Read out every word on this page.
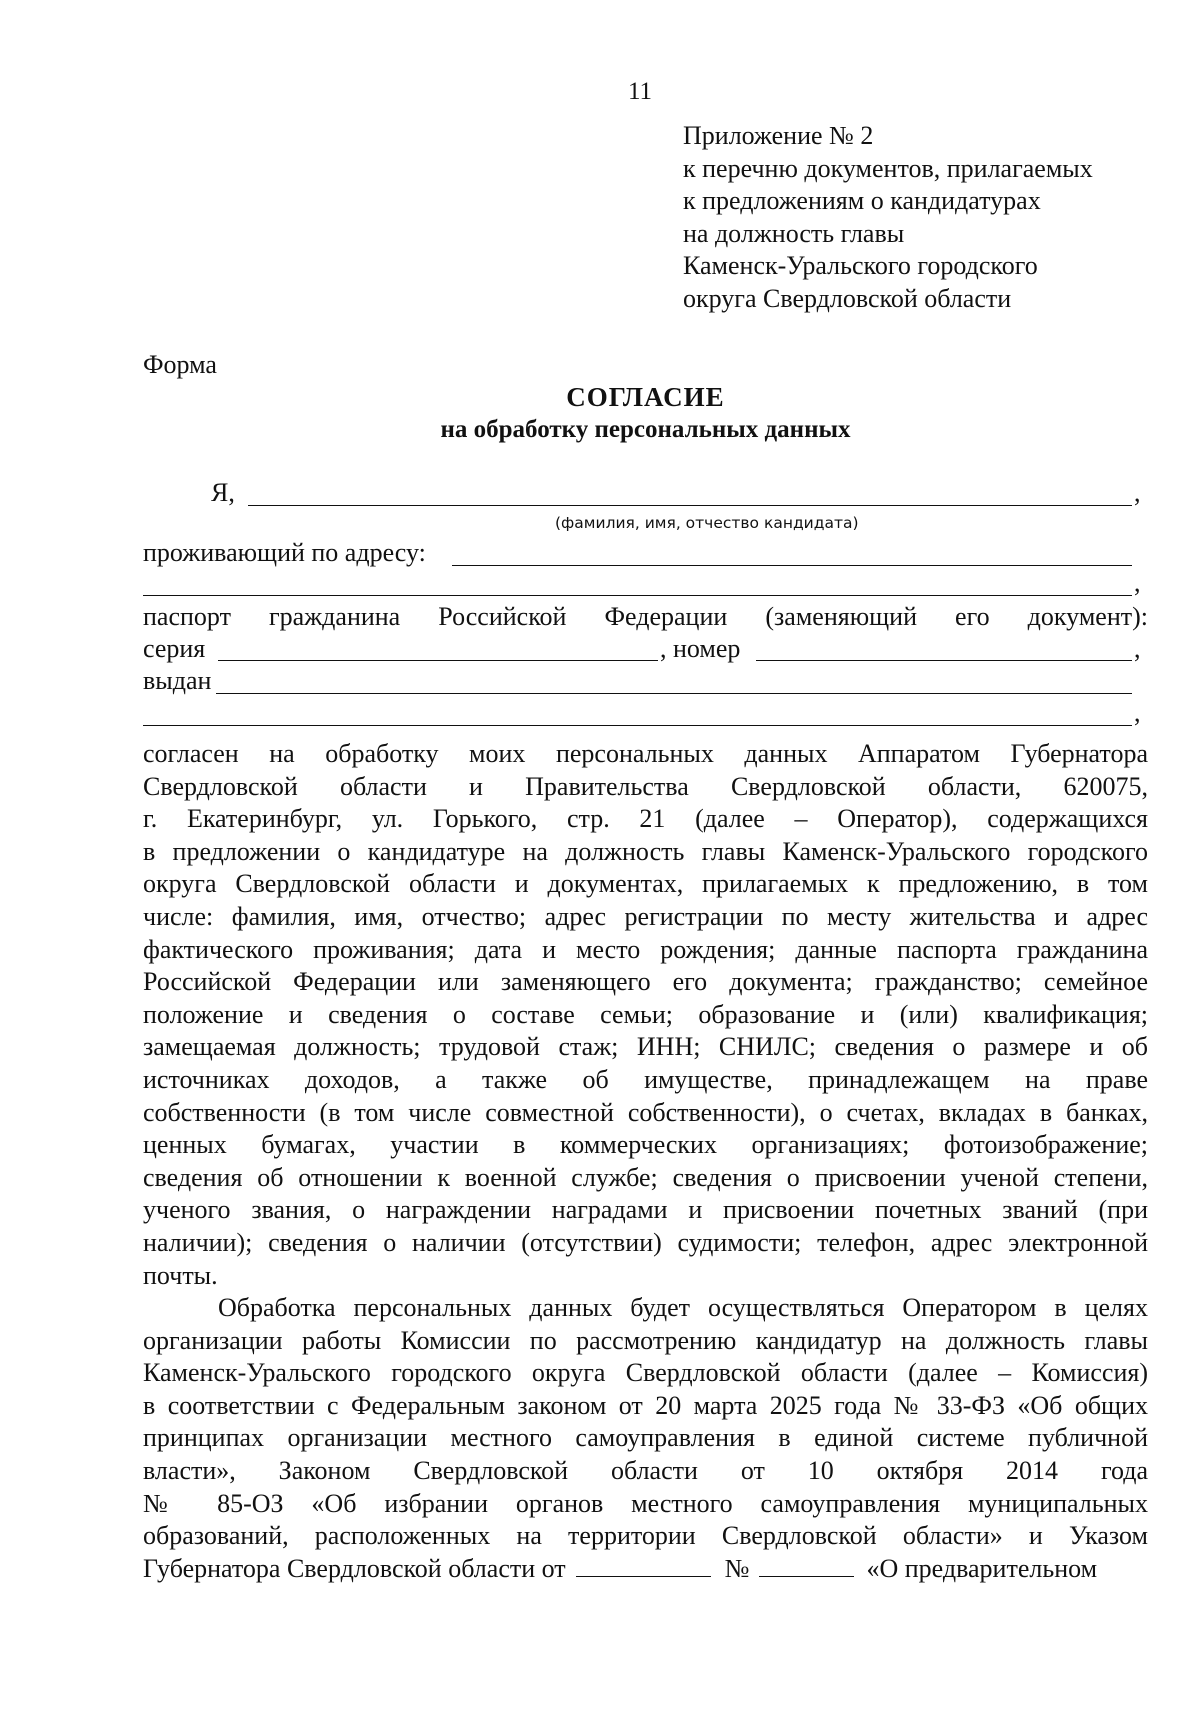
11
Приложение № 2
к перечню документов, прилагаемых
к предложениям о кандидатурах
на должность главы
Каменск-Уральского городского
округа Свердловской области
Форма
СОГЛАСИЕ
на обработку персональных данных
Я,	,
(фамилия, имя, отчество кандидата)
проживающий по адресу:
,
паспорт гражданина Российской Федерации (заменяющий его документ):
серия	, номер	,
выдан
,
согласен на обработку моих персональных данных Аппаратом Губернатора
Свердловской области и Правительства Свердловской области, 620075,
г. Екатеринбург, ул. Горького, стр. 21 (далее – Оператор), содержащихся
в предложении о кандидатуре на должность главы Каменск-Уральского городского
округа Свердловской области и документах, прилагаемых к предложению, в том
числе: фамилия, имя, отчество; адрес регистрации по месту жительства и адрес
фактического проживания; дата и место рождения; данные паспорта гражданина
Российской Федерации или заменяющего его документа; гражданство; семейное
положение и сведения о составе семьи; образование и (или) квалификация;
замещаемая должность; трудовой стаж; ИНН; СНИЛС; сведения о размере и об
источниках доходов, а также об имуществе, принадлежащем на праве
собственности (в том числе совместной собственности), о счетах, вкладах в банках,
ценных бумагах, участии в коммерческих организациях; фотоизображение;
сведения об отношении к военной службе; сведения о присвоении ученой степени,
ученого звания, о награждении наградами и присвоении почетных званий (при
наличии); сведения о наличии (отсутствии) судимости; телефон, адрес электронной
почты.
Обработка персональных данных будет осуществляться Оператором в целях
организации работы Комиссии по рассмотрению кандидатур на должность главы
Каменск-Уральского городского округа Свердловской области (далее – Комиссия)
в соответствии с Федеральным законом от 20 марта 2025 года № 33-ФЗ «Об общих
принципах организации местного самоуправления в единой системе публичной
власти», Законом Свердловской области от 10 октября 2014 года
№ 85-ОЗ «Об избрании органов местного самоуправления муниципальных
образований, расположенных на территории Свердловской области» и Указом
Губернатора Свердловской области от	№	«О предварительном
